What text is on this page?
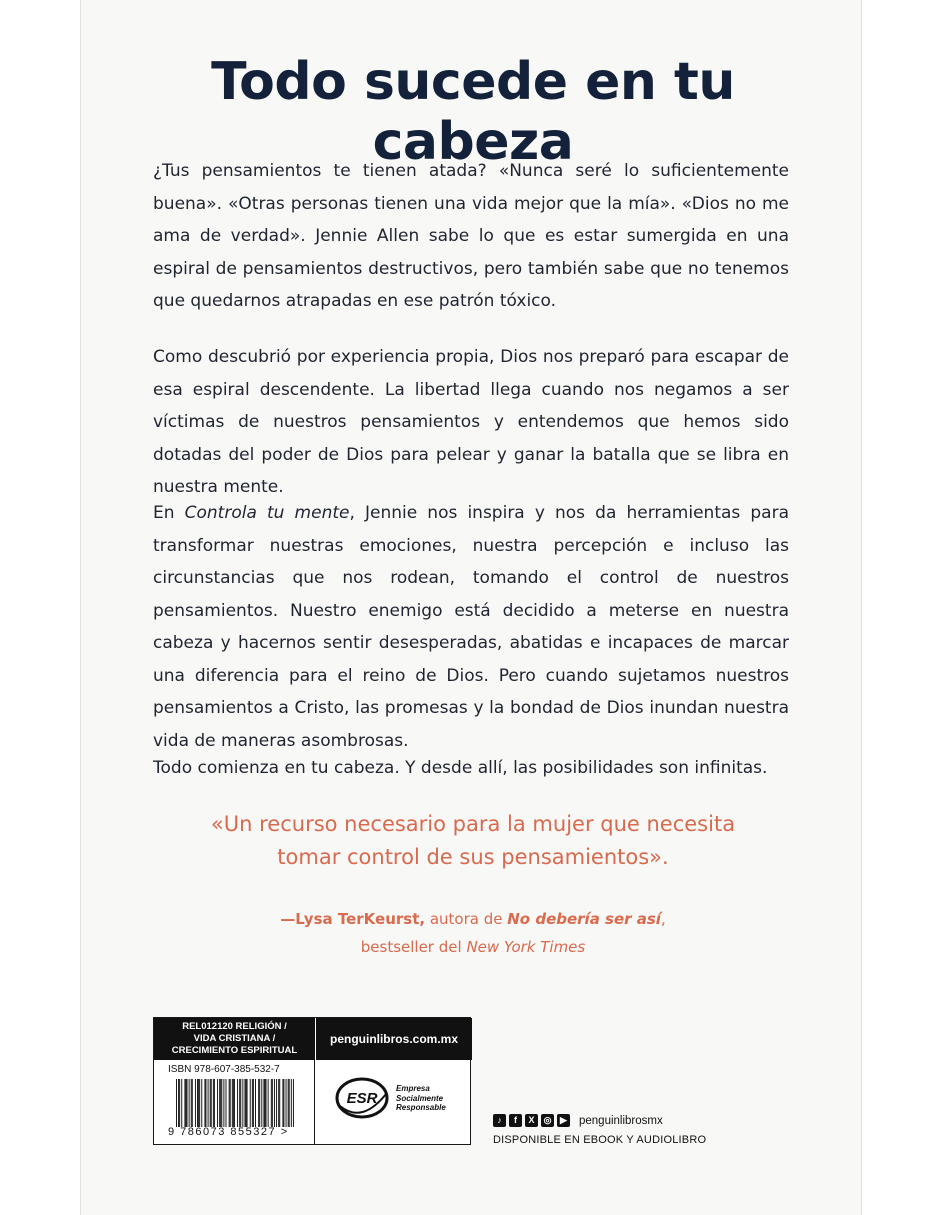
Todo sucede en tu cabeza

¿Tus pensamientos te tienen atada? «Nunca seré lo suficientemente buena». «Otras personas tienen una vida mejor que la mía». «Dios no me ama de verdad». Jennie Allen sabe lo que es estar sumergida en una espiral de pensamientos destructivos, pero también sabe que no tenemos que quedarnos atrapadas en ese patrón tóxico.

Como descubrió por experiencia propia, Dios nos preparó para escapar de esa espiral descendente. La libertad llega cuando nos negamos a ser víctimas de nuestros pensamientos y entendemos que hemos sido dotadas del poder de Dios para pelear y ganar la batalla que se libra en nuestra mente.

En Controla tu mente, Jennie nos inspira y nos da herramientas para transformar nuestras emociones, nuestra percepción e incluso las circunstancias que nos rodean, tomando el control de nuestros pensamientos. Nuestro enemigo está decidido a meterse en nuestra cabeza y hacernos sentir desesperadas, abatidas e incapaces de marcar una diferencia para el reino de Dios. Pero cuando sujetamos nuestros pensamientos a Cristo, las promesas y la bondad de Dios inundan nuestra vida de maneras asombrosas.

Todo comienza en tu cabeza. Y desde allí, las posibilidades son infinitas.

«Un recurso necesario para la mujer que necesita
tomar control de sus pensamientos».

—Lysa TerKeurst, autora de No debería ser así,
bestseller del New York Times

REL012120 RELIGIÓN /
VIDA CRISTIANA /
CRECIMIENTO ESPIRITUAL
penguinlibros.com.mx
ISBN 978-607-385-532-7
9 786073 855327 >
ESR
Empresa
Socialmente
Responsable
♪	f	X	◎ ▶ penguinlibrosmx
DISPONIBLE EN EBOOK Y AUDIOLIBRO
